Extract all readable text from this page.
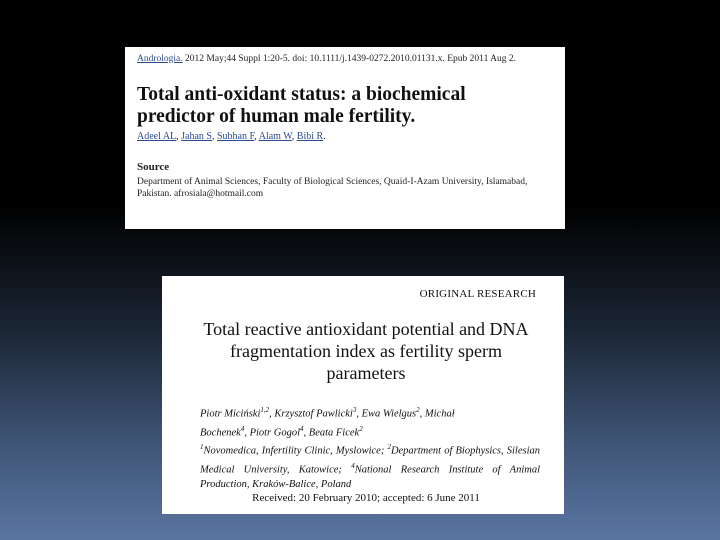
Andrologia. 2012 May;44 Suppl 1:20-5. doi: 10.1111/j.1439-0272.2010.01131.x. Epub 2011 Aug 2.
Total anti-oxidant status: a biochemical
predictor of human male fertility.
Adeel AL, Jahan S, Subhan F, Alam W, Bibi R.
Source
Department of Animal Sciences, Faculty of Biological Sciences, Quaid-I-Azam University, Islamabad, Pakistan. afrosiala@hotmail.com
ORIGINAL RESEARCH
Total reactive antioxidant potential and DNA
fragmentation index as fertility sperm
parameters
Piotr Miciński$^{1,2}$, Krzysztof Pawlicki$^3$, Ewa Wielgus$^2$, Michał
Bochenek$^4$, Piotr Gogol$^4$, Beata Ficek$^2$
$^1$Novomedica, Infertility Clinic, Myslowice; $^2$Department of Biophysics, Silesian Medical University, Katowice; $^4$National Research Institute of Animal Production, Kraków-Balice, Poland
Received: 20 February 2010; accepted: 6 June 2011
